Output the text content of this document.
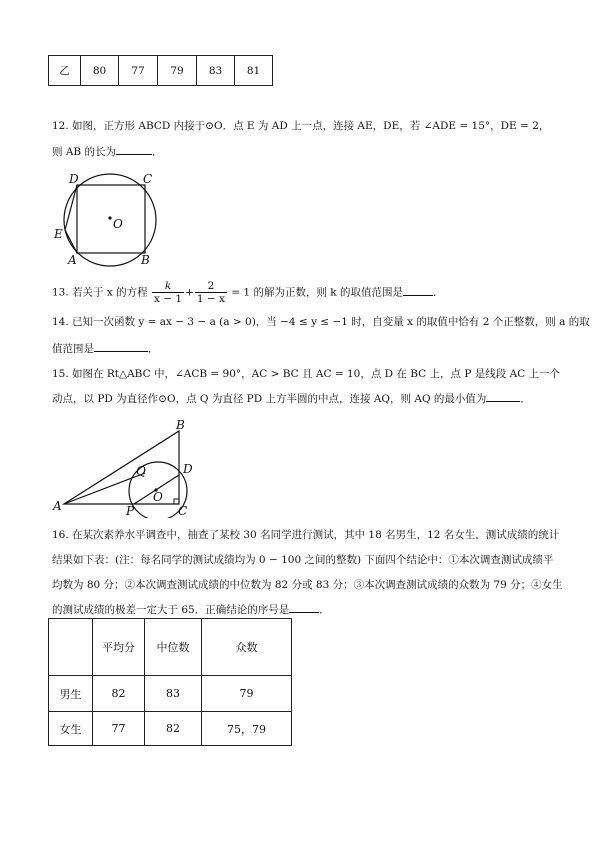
乙	80	77	79	83	81
12. 如图，正方形 ABCD 内接于⊙O．点 E 为 AD 上一点，连接 AE，DE，若 ∠ADE = 15°，DE = 2，
则 AB 的长为	．
D	C
E
A	B
O
13. 若关于 x 的方程 $\frac{k}{x - 1} + \frac{2}{1 - x} = 1$ 的解为正数，则 k 的取值范围是	．
14. 已知一次函数 y = ax − 3 − a (a > 0)，当 −4 ≤ y ≤ −1 时，自变量 x 的取值中恰有 2 个正整数，则 a 的取
值范围是	．
15. 如图在 Rt△ABC 中，∠ACB = 90°，AC > BC 且 AC = 10，点 D 在 BC 上，点 P 是线段 AC 上一个
动点，以 PD 为直径作⊙O，点 Q 为直径 PD 上方半圆的中点，连接 AQ，则 AQ 的最小值为	．
B
Q	D
O
A	P	C
16. 在某次素养水平调查中，抽查了某校 30 名同学进行测试，其中 18 名男生，12 名女生，测试成绩的统计
结果如下表：(注：每名同学的测试成绩均为 0 − 100 之间的整数) 下面四个结论中：①本次调查测试成绩平
均数为 80 分；②本次调查测试成绩的中位数为 82 分或 83 分；③本次调查测试成绩的众数为 79 分；④女生
的测试成绩的极差一定大于 65．正确结论的序号是	．
	平均分	中位数	众数
男生	82	83	79
女生	77	82	75，79
